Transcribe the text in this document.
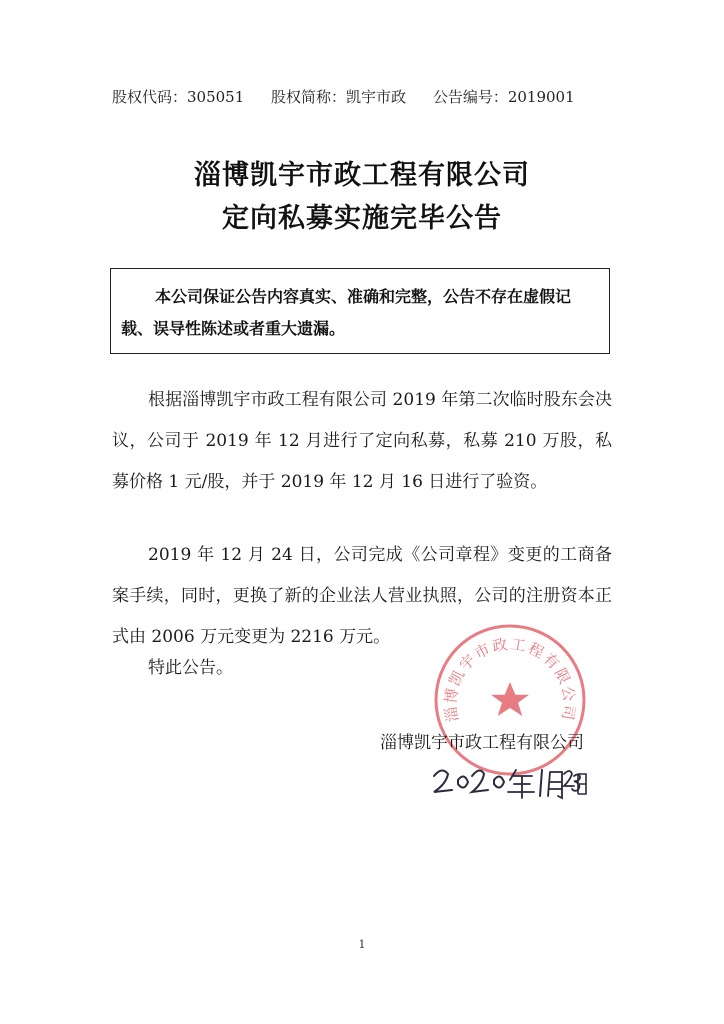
股权代码：305051 股权简称：凯宇市政 公告编号：2019001
淄博凯宇市政工程有限公司
定向私募实施完毕公告
本公司保证公告内容真实、准确和完整，公告不存在虚假记载、误导性陈述或者重大遗漏。
根据淄博凯宇市政工程有限公司 2019 年第二次临时股东会决议，公司于 2019 年 12 月进行了定向私募，私募 210 万股，私募价格 1 元/股，并于 2019 年 12 月 16 日进行了验资。
2019 年 12 月 24 日，公司完成《公司章程》变更的工商备案手续，同时，更换了新的企业法人营业执照，公司的注册资本正式由 2006 万元变更为 2216 万元。
特此公告。
淄博凯宇市政工程有限公司
淄博凯宇市政工程有限公司
1
